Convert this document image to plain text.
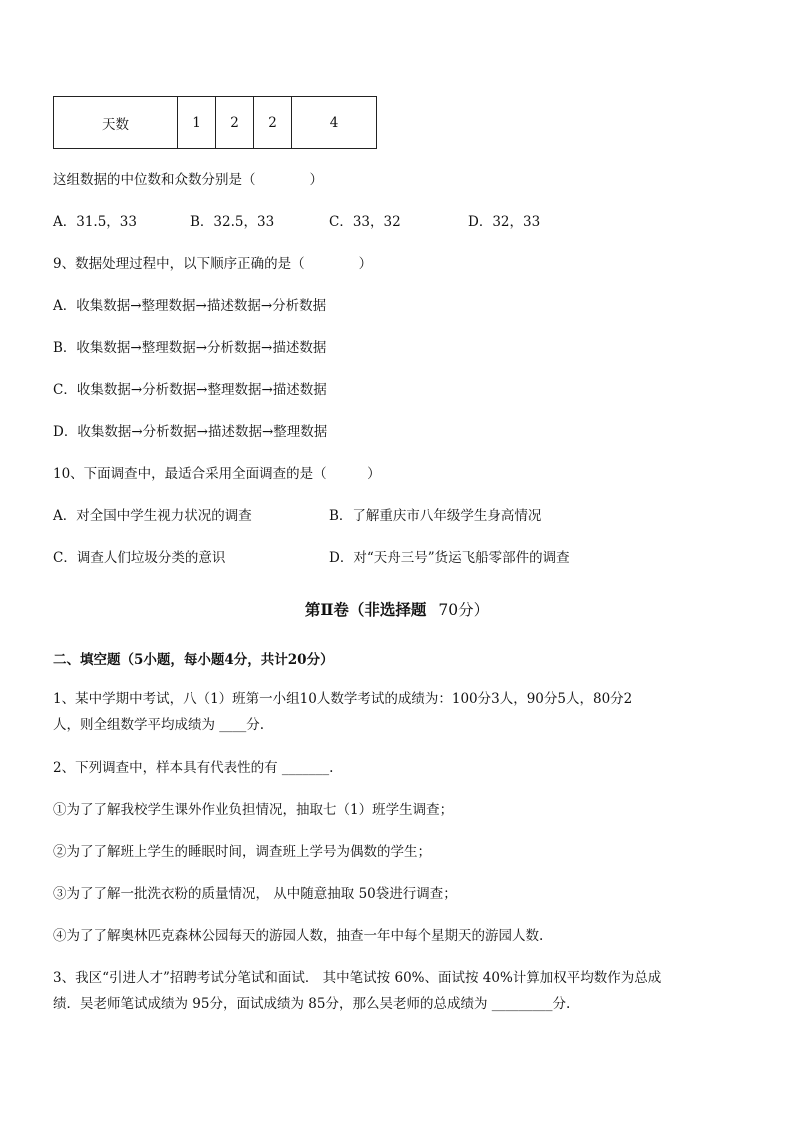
天数	1	2	2	4
这组数据的中位数和众数分别是（　　　　）
A．31.5，33	B．32.5，33	C．33，32	D．32，33
9、数据处理过程中，以下顺序正确的是（　　　　）
A．收集数据→整理数据→描述数据→分析数据
B．收集数据→整理数据→分析数据→描述数据
C．收集数据→分析数据→整理数据→描述数据
D．收集数据→分析数据→描述数据→整理数据
10、下面调查中，最适合采用全面调查的是（　　　）
A．对全国中学生视力状况的调查	B．了解重庆市八年级学生身高情况
C．调查人们垃圾分类的意识	D．对“天舟三号”货运飞船零部件的调查
第Ⅱ卷（非选择题 70分）
二、填空题（5小题，每小题4分，共计20分）
1、某中学期中考试，八（1）班第一小组10人数学考试的成绩为：100分3人，90分5人，80分2
人，则全组数学平均成绩为 ____分.
2、下列调查中，样本具有代表性的有 _______.
①为了了解我校学生课外作业负担情况，抽取七（1）班学生调查；
②为了了解班上学生的睡眠时间，调查班上学号为偶数的学生；
③为了了解一批洗衣粉的质量情况， 从中随意抽取 50袋进行调查；
④为了了解奥林匹克森林公园每天的游园人数，抽查一年中每个星期天的游园人数.
3、我区“引进人才”招聘考试分笔试和面试． 其中笔试按 60%、面试按 40%计算加权平均数作为总成
绩．吴老师笔试成绩为 95分，面试成绩为 85分，那么吴老师的总成绩为 _________分.
